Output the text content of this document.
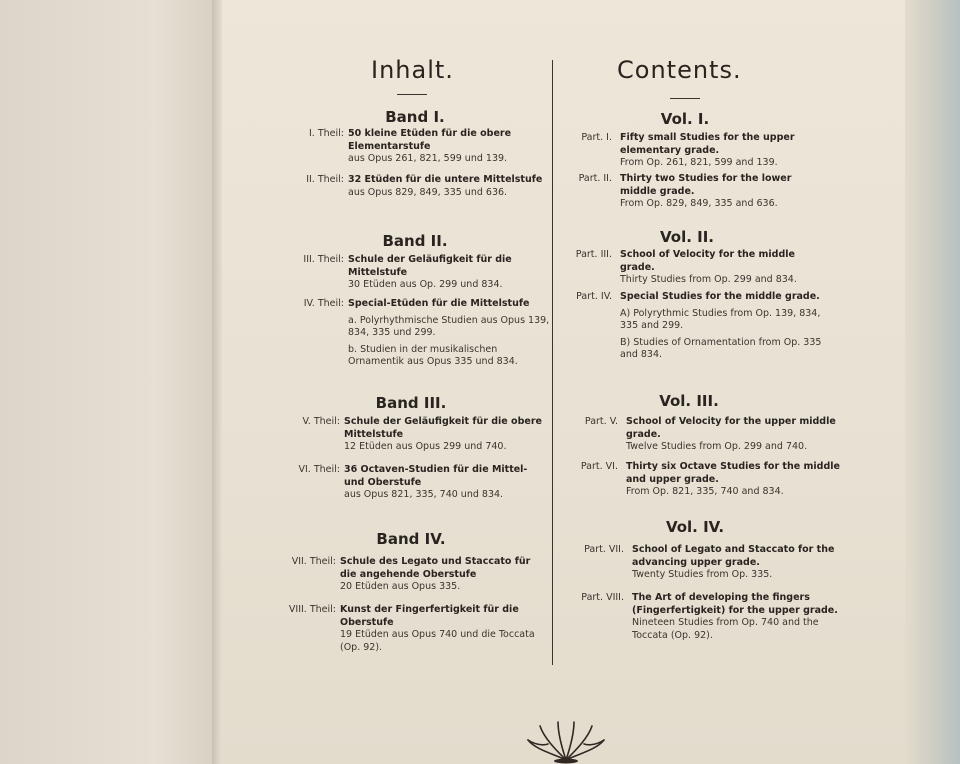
Inhalt.
Band I.
I. Theil: 50 kleine Etüden für die obere Elementarstufe
aus Opus 261, 821, 599 und 139.
II. Theil: 32 Etüden für die untere Mittelstufe
aus Opus 829, 849, 335 und 636.
Band II.
III. Theil: Schule der Geläufigkeit für die Mittelstufe
30 Etüden aus Op. 299 und 834.
IV. Theil: Special-Etüden für die Mittelstufe
a. Polyrhythmische Studien aus Opus 139, 834, 335 und 299.
b. Studien in der musikalischen Ornamentik aus Opus 335 und 834.
Band III.
V. Theil: Schule der Geläufigkeit für die obere Mittelstufe
12 Etüden aus Opus 299 und 740.
VI. Theil: 36 Octaven-Studien für die Mittel- und Oberstufe
aus Opus 821, 335, 740 und 834.
Band IV.
VII. Theil: Schule des Legato und Staccato für die angehende Oberstufe
20 Etüden aus Opus 335.
VIII. Theil: Kunst der Fingerfertigkeit für die Oberstufe
19 Etüden aus Opus 740 und die Toccata (Op. 92).
Contents.
Vol. I.
Part. I. Fifty small Studies for the upper elementary grade.
From Op. 261, 821, 599 and 139.
Part. II. Thirty two Studies for the lower middle grade.
From Op. 829, 849, 335 and 636.
Vol. II.
Part. III. School of Velocity for the middle grade.
Thirty Studies from Op. 299 and 834.
Part. IV. Special Studies for the middle grade.
A) Polyrythmic Studies from Op. 139, 834, 335 and 299.
B) Studies of Ornamentation from Op. 335 and 834.
Vol. III.
Part. V. School of Velocity for the upper middle grade.
Twelve Studies from Op. 299 and 740.
Part. VI. Thirty six Octave Studies for the middle and upper grade.
From Op. 821, 335, 740 and 834.
Vol. IV.
Part. VII. School of Legato and Staccato for the advancing upper grade.
Twenty Studies from Op. 335.
Part. VIII. The Art of developing the fingers (Fingerfertigkeit) for the upper grade.
Nineteen Studies from Op. 740 and the Toccata (Op. 92).
